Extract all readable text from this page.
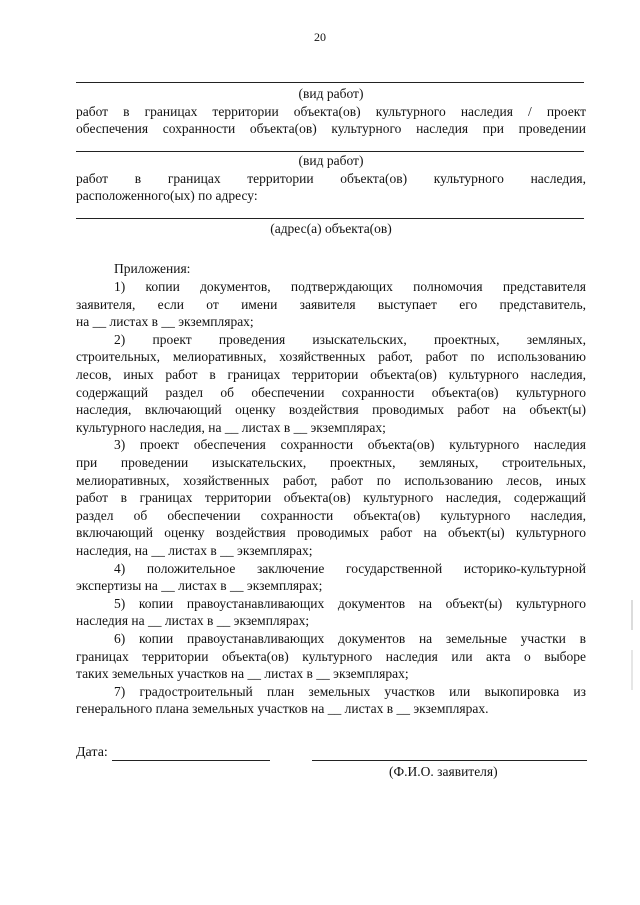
20
(вид работ)
работ в границах территории объекта(ов) культурного наследия / проект
обеспечения сохранности объекта(ов) культурного наследия при проведении
(вид работ)
работ в границах территории объекта(ов) культурного наследия,
расположенного(ых) по адресу:
(адрес(а) объекта(ов)
Приложения:
1) копии документов, подтверждающих полномочия представителя
заявителя, если от имени заявителя выступает его представитель,
на __ листах в __ экземплярах;
2) проект проведения изыскательских, проектных, земляных,
строительных, мелиоративных, хозяйственных работ, работ по использованию
лесов, иных работ в границах территории объекта(ов) культурного наследия,
содержащий раздел об обеспечении сохранности объекта(ов) культурного
наследия, включающий оценку воздействия проводимых работ на объект(ы)
культурного наследия, на __ листах в __ экземплярах;
3) проект обеспечения сохранности объекта(ов) культурного наследия
при проведении изыскательских, проектных, земляных, строительных,
мелиоративных, хозяйственных работ, работ по использованию лесов, иных
работ в границах территории объекта(ов) культурного наследия, содержащий
раздел об обеспечении сохранности объекта(ов) культурного наследия,
включающий оценку воздействия проводимых работ на объект(ы) культурного
наследия, на __ листах в __ экземплярах;
4) положительное заключение государственной историко-культурной
экспертизы на __ листах в __ экземплярах;
5) копии правоустанавливающих документов на объект(ы) культурного
наследия на __ листах в __ экземплярах;
6) копии правоустанавливающих документов на земельные участки в
границах территории объекта(ов) культурного наследия или акта о выборе
таких земельных участков на __ листах в __ экземплярах;
7) градостроительный план земельных участков или выкопировка из
генерального плана земельных участков на __ листах в __ экземплярах.
Дата:
(Ф.И.О. заявителя)
